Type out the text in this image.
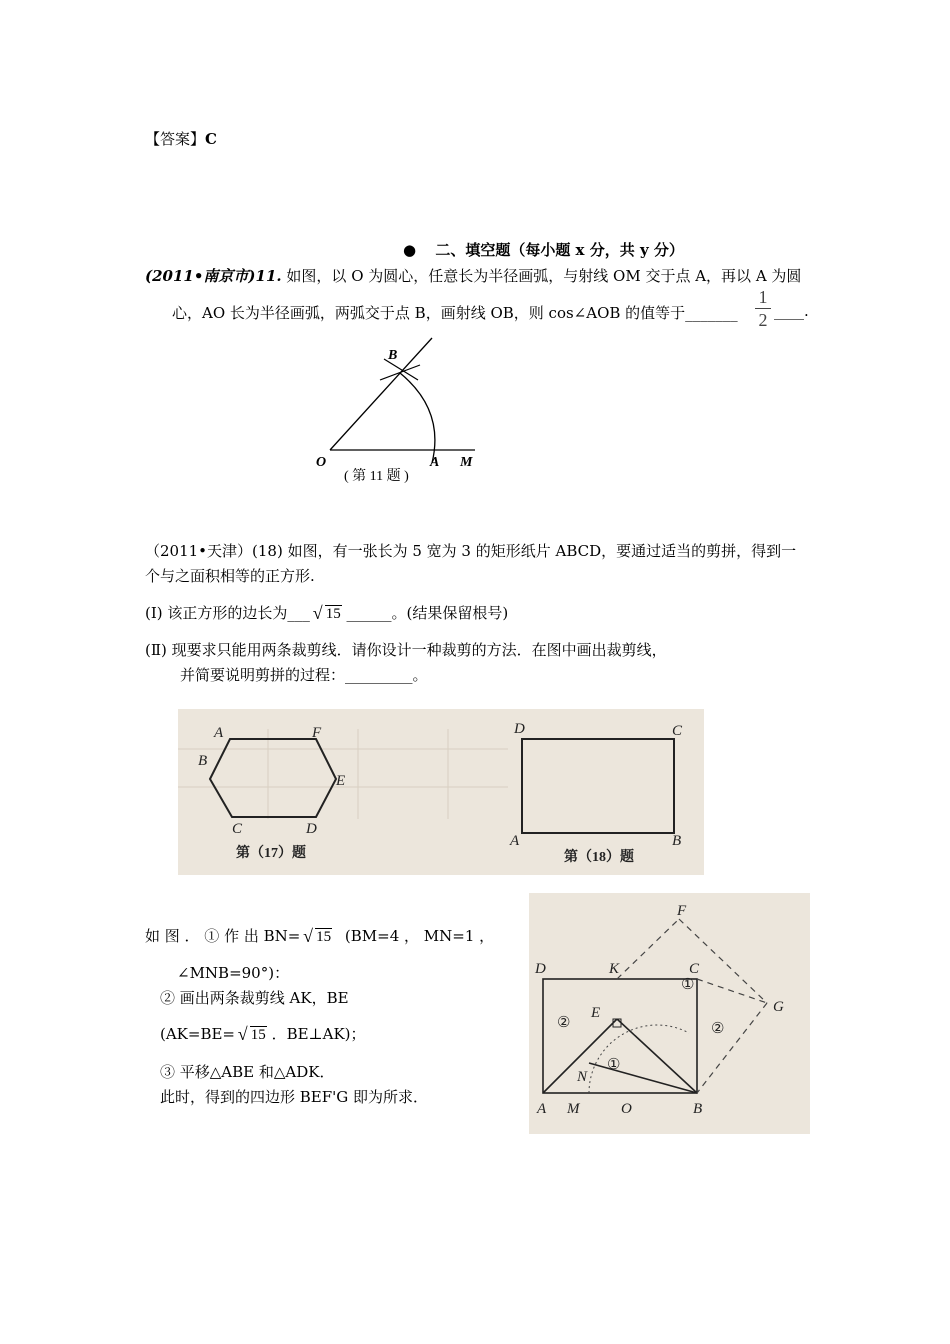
【答案】C
● 二、填空题（每小题 x 分，共 y 分）
(2011•南京市)11. 如图，以 O 为圆心，任意长为半径画弧，与射线 OM 交于点 A，再以 A 为圆
心，AO 长为半径画弧，两弧交于点 B，画射线 OB，则 cos∠AOB 的值等于_______
1
2 ____.
B
O	A M
( 第 11 题 )
（2011•天津）(18) 如图，有一张长为 5 宽为 3 的矩形纸片 ABCD，要通过适当的剪拼，得到一
个与之面积相等的正方形.
(Ⅰ) 该正方形的边长为___ √ 15 ______。(结果保留根号)
(Ⅱ) 现要求只能用两条裁剪线．请你设计一种裁剪的方法．在图中画出裁剪线，
并简要说明剪拼的过程：_________。
A	F
B
E
C	D
第（17）题
D	C
A	B
第（18）题
如 图 ． ① 作 出 BN= √ 15 (BM=4 ， MN=1 ，
∠MNB=90°)：
② 画出两条裁剪线 AK，BE
(AK=BE= √ 15 ．BE⊥AK)；
③ 平移△ABE 和△ADK．
此时，得到的四边形 BEF'G 即为所求．
F
K	C
D
G
E
N
A M	O	B
①
②	②
①
